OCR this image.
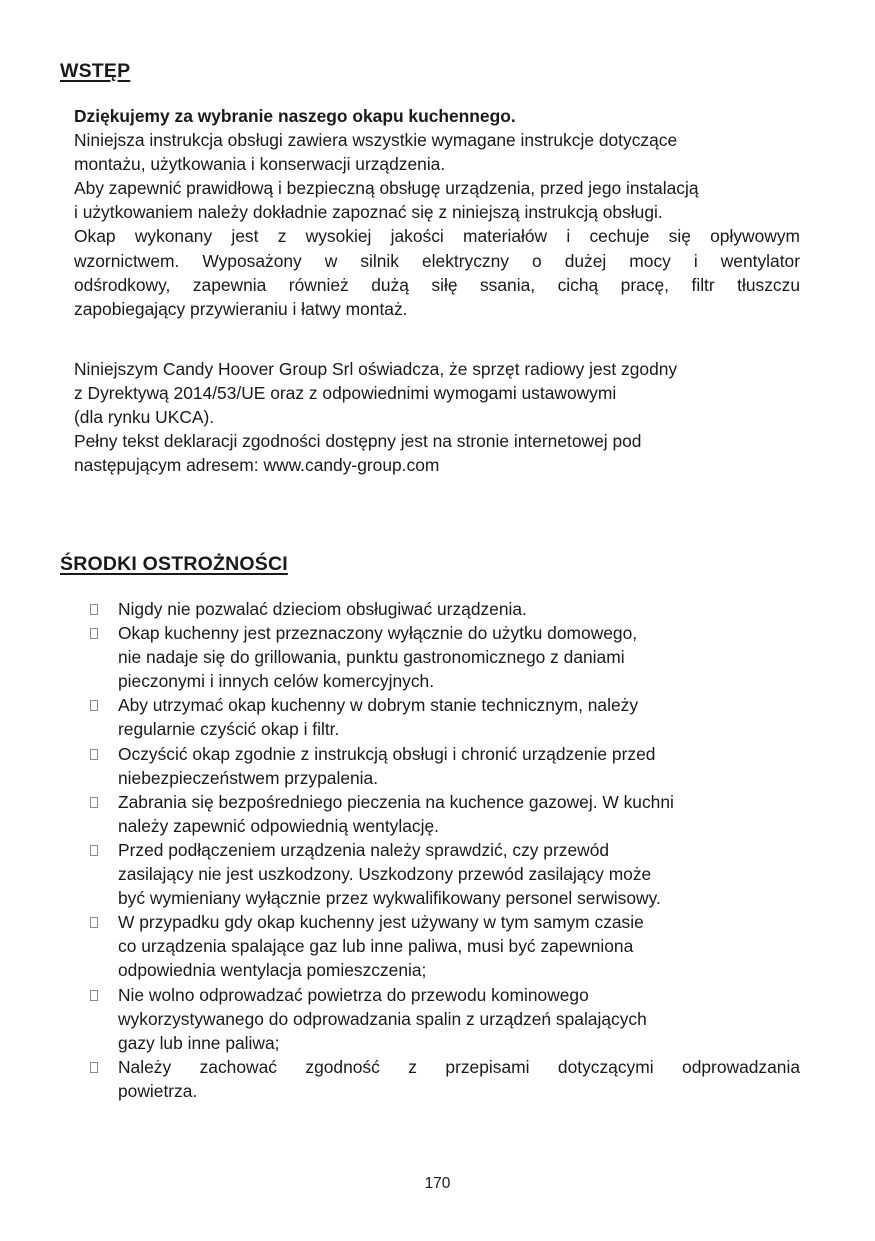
WSTĘP

Dziękujemy za wybranie naszego okapu kuchennego.

Niniejsza instrukcja obsługi zawiera wszystkie wymagane instrukcje dotyczące

montażu, użytkowania i konserwacji urządzenia.

Aby zapewnić prawidłową i bezpieczną obsługę urządzenia, przed jego instalacją

i użytkowaniem należy dokładnie zapoznać się z niniejszą instrukcją obsługi.

Okap wykonany jest z wysokiej jakości materiałów i cechuje się opływowym

wzornictwem. Wyposażony w silnik elektryczny o dużej mocy i wentylator

odśrodkowy, zapewnia również dużą siłę ssania, cichą pracę, filtr tłuszczu

zapobiegający przywieraniu i łatwy montaż.

Niniejszym Candy Hoover Group Srl oświadcza, że sprzęt radiowy jest zgodny

z Dyrektywą 2014/53/UE oraz z odpowiednimi wymogami ustawowymi

(dla rynku UKCA).

Pełny tekst deklaracji zgodności dostępny jest na stronie internetowej pod

następującym adresem: www.candy-group.com

ŚRODKI OSTROŻNOŚCI
Nigdy nie pozwalać dzieciom obsługiwać urządzenia.
Okap kuchenny jest przeznaczony wyłącznie do użytku domowego,
nie nadaje się do grillowania, punktu gastronomicznego z daniami
pieczonymi i innych celów komercyjnych.
Aby utrzymać okap kuchenny w dobrym stanie technicznym, należy
regularnie czyścić okap i filtr.
Oczyścić okap zgodnie z instrukcją obsługi i chronić urządzenie przed
niebezpieczeństwem przypalenia.
Zabrania się bezpośredniego pieczenia na kuchence gazowej. W kuchni
należy zapewnić odpowiednią wentylację.
Przed podłączeniem urządzenia należy sprawdzić, czy przewód
zasilający nie jest uszkodzony. Uszkodzony przewód zasilający może
być wymieniany wyłącznie przez wykwalifikowany personel serwisowy.
W przypadku gdy okap kuchenny jest używany w tym samym czasie
co urządzenia spalające gaz lub inne paliwa, musi być zapewniona
odpowiednia wentylacja pomieszczenia;
Nie wolno odprowadzać powietrza do przewodu kominowego
wykorzystywanego do odprowadzania spalin z urządzeń spalających
gazy lub inne paliwa;
Należy zachować zgodność z przepisami dotyczącymi odprowadzania
powietrza.
170
